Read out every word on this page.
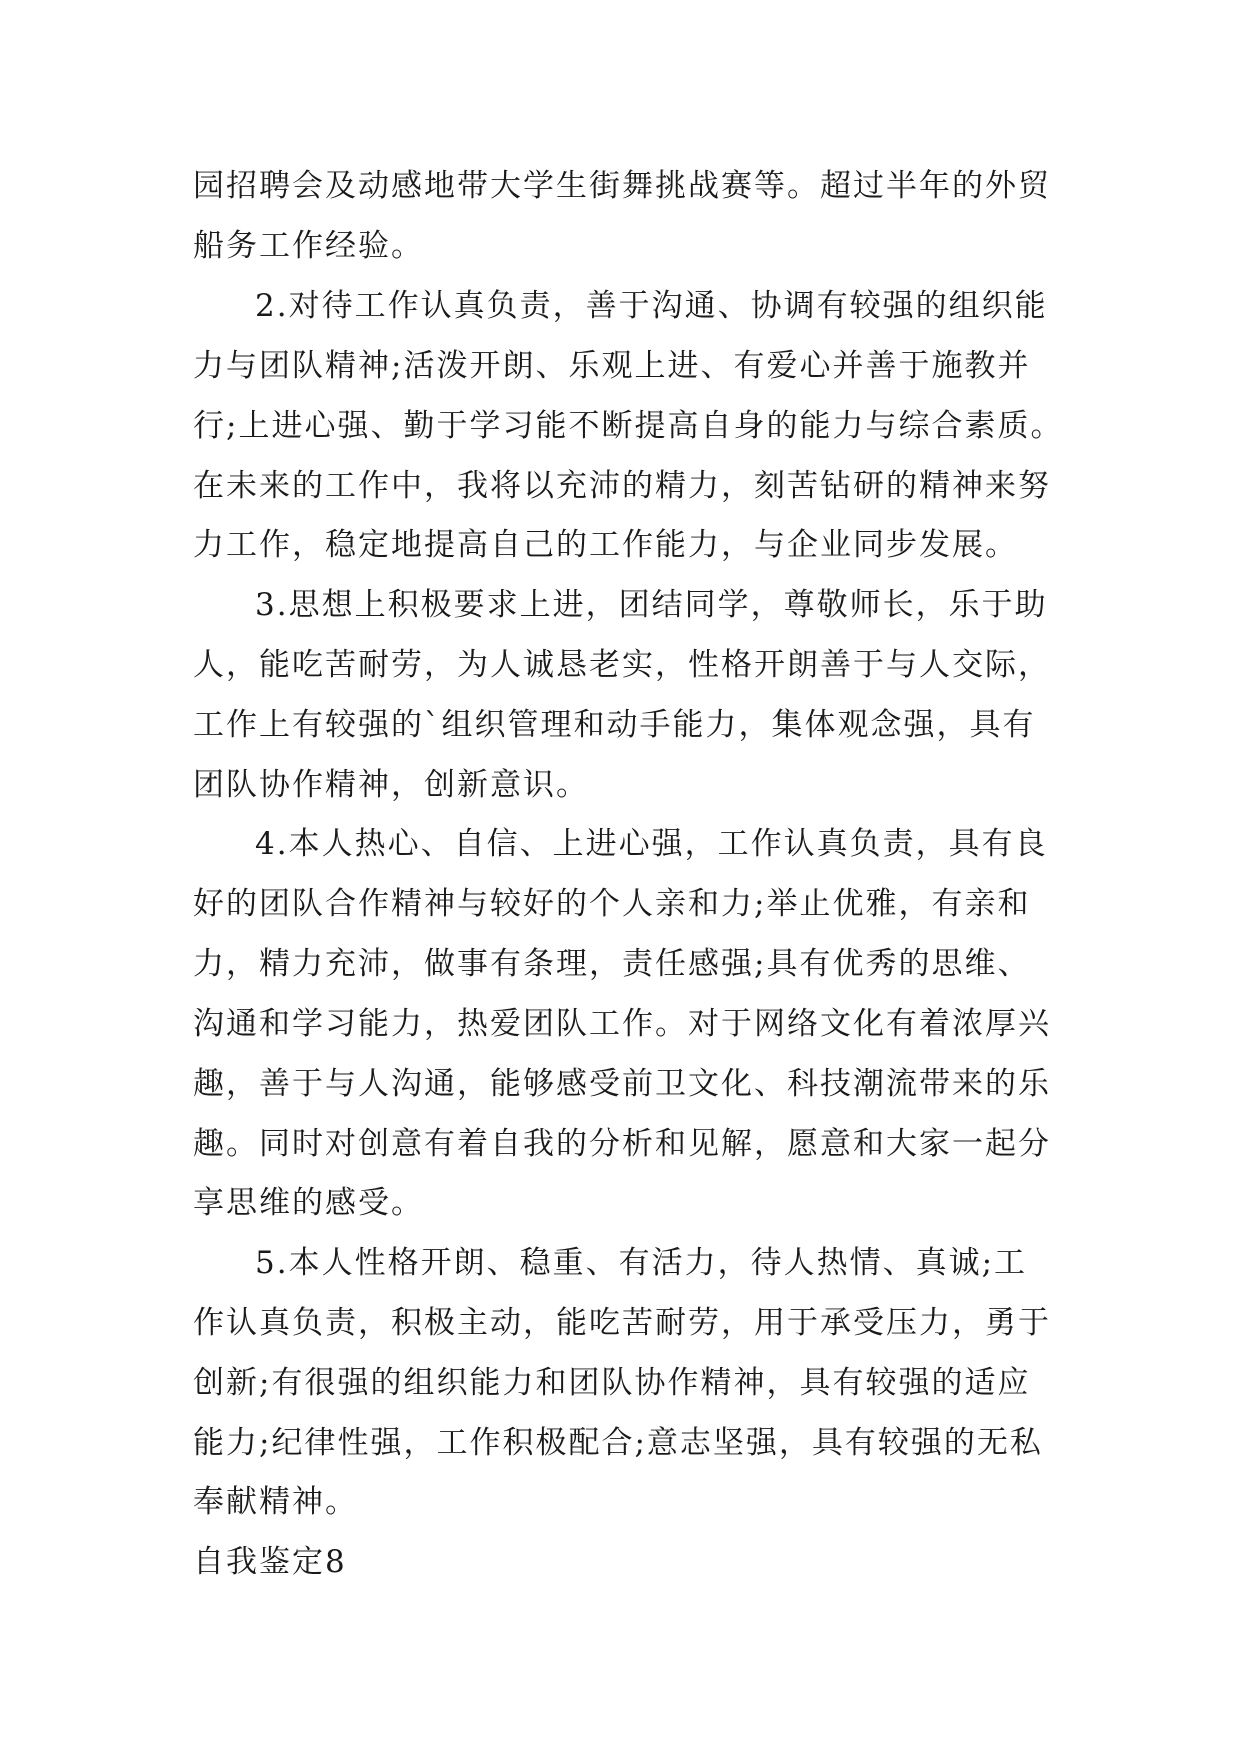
园招聘会及动感地带大学生街舞挑战赛等。超过半年的外贸
船务工作经验。
2.对待工作认真负责，善于沟通、协调有较强的组织能
力与团队精神;活泼开朗、乐观上进、有爱心并善于施教并
行;上进心强、勤于学习能不断提高自身的能力与综合素质。
在未来的工作中，我将以充沛的精力，刻苦钻研的精神来努
力工作，稳定地提高自己的工作能力，与企业同步发展。
3.思想上积极要求上进，团结同学，尊敬师长，乐于助
人，能吃苦耐劳，为人诚恳老实，性格开朗善于与人交际，
工作上有较强的`组织管理和动手能力，集体观念强，具有
团队协作精神，创新意识。
4.本人热心、自信、上进心强，工作认真负责，具有良
好的团队合作精神与较好的个人亲和力;举止优雅，有亲和
力，精力充沛，做事有条理，责任感强;具有优秀的思维、
沟通和学习能力，热爱团队工作。对于网络文化有着浓厚兴
趣，善于与人沟通，能够感受前卫文化、科技潮流带来的乐
趣。同时对创意有着自我的分析和见解，愿意和大家一起分
享思维的感受。
5.本人性格开朗、稳重、有活力，待人热情、真诚;工
作认真负责，积极主动，能吃苦耐劳，用于承受压力，勇于
创新;有很强的组织能力和团队协作精神，具有较强的适应
能力;纪律性强，工作积极配合;意志坚强，具有较强的无私
奉献精神。
自我鉴定8
